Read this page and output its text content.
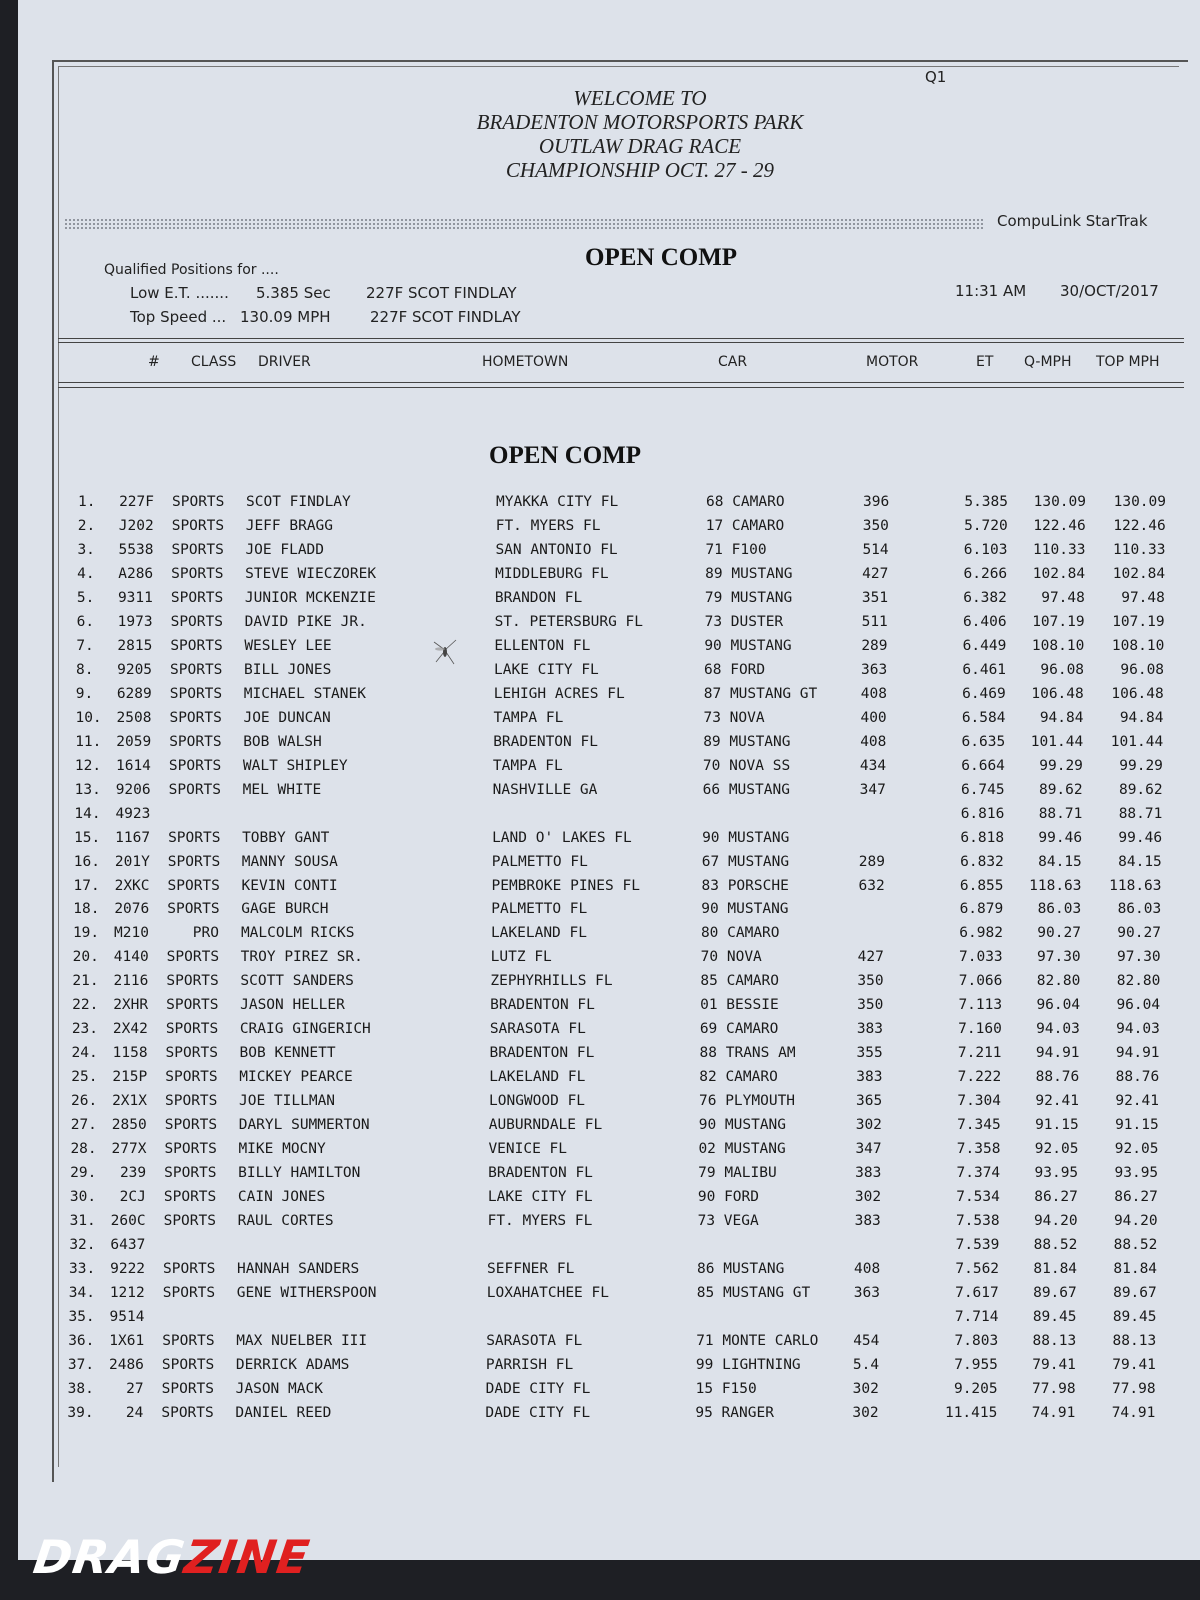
Q1
WELCOME TO
BRADENTON MOTORSPORTS PARK
OUTLAW DRAG RACE
CHAMPIONSHIP OCT. 27 - 29
CompuLink StarTrak
OPEN COMP
Qualified Positions for ....
Low E.T. ....... 5.385 Sec 227F SCOT FINDLAY
Top Speed ... 130.09 MPH	227F SCOT FINDLAY
11:31 AM 30/OCT/2017
# CLASS DRIVER	HOMETOWN	CAR	MOTOR	ET Q-MPH TOP MPH
OPEN COMP
1.	227F SPORTS SCOT FINDLAY	MYAKKA CITY FL	68 CAMARO	396	5.385	130.09 130.09
2.	J202 SPORTS JEFF BRAGG	FT. MYERS FL	17 CAMARO	350	5.720	122.46 122.46
3.	5538 SPORTS JOE FLADD	SAN ANTONIO FL	71 F100	514	6.103	110.33 110.33
4.	A286 SPORTS STEVE WIECZOREK	MIDDLEBURG FL	89 MUSTANG	427	6.266	102.84 102.84
5.	9311 SPORTS JUNIOR MCKENZIE	BRANDON FL	79 MUSTANG	351	6.382	97.48	97.48
6.	1973 SPORTS DAVID PIKE JR.	ST. PETERSBURG FL	73 DUSTER	511	6.406	107.19 107.19
7.	2815 SPORTS WESLEY LEE	ELLENTON FL	90 MUSTANG	289	6.449	108.10 108.10
8.	9205 SPORTS BILL JONES	LAKE CITY FL	68 FORD	363	6.461	96.08	96.08
9.	6289 SPORTS MICHAEL STANEK	LEHIGH ACRES FL	87 MUSTANG GT	408	6.469	106.48 106.48
10.	2508 SPORTS JOE DUNCAN	TAMPA FL	73 NOVA	400	6.584	94.84	94.84
11.	2059 SPORTS BOB WALSH	BRADENTON FL	89 MUSTANG	408	6.635	101.44 101.44
12.	1614 SPORTS WALT SHIPLEY	TAMPA FL	70 NOVA SS	434	6.664	99.29	99.29
13.	9206 SPORTS MEL WHITE	NASHVILLE GA	66 MUSTANG	347	6.745	89.62	89.62
14.	4923	6.816	88.71	88.71
15.	1167 SPORTS TOBBY GANT	LAND O' LAKES FL	90 MUSTANG	6.818	99.46	99.46
16.	201Y SPORTS MANNY SOUSA	PALMETTO FL	67 MUSTANG	289	6.832	84.15	84.15
17.	2XKC SPORTS KEVIN CONTI	PEMBROKE PINES FL	83 PORSCHE	632	6.855	118.63 118.63
18.	2076 SPORTS GAGE BURCH	PALMETTO FL	90 MUSTANG	6.879	86.03	86.03
19.	M210	PRO MALCOLM RICKS	LAKELAND FL	80 CAMARO	6.982	90.27	90.27
20.	4140 SPORTS TROY PIREZ SR.	LUTZ FL	70 NOVA	427	7.033	97.30	97.30
21.	2116 SPORTS SCOTT SANDERS	ZEPHYRHILLS FL	85 CAMARO	350	7.066	82.80	82.80
22.	2XHR SPORTS JASON HELLER	BRADENTON FL	01 BESSIE	350	7.113	96.04	96.04
23.	2X42 SPORTS CRAIG GINGERICH	SARASOTA FL	69 CAMARO	383	7.160	94.03	94.03
24.	1158 SPORTS BOB KENNETT	BRADENTON FL	88 TRANS AM	355	7.211	94.91	94.91
25.	215P SPORTS MICKEY PEARCE	LAKELAND FL	82 CAMARO	383	7.222	88.76	88.76
26.	2X1X SPORTS JOE TILLMAN	LONGWOOD FL	76 PLYMOUTH	365	7.304	92.41	92.41
27.	2850 SPORTS DARYL SUMMERTON	AUBURNDALE FL	90 MUSTANG	302	7.345	91.15	91.15
28.	277X SPORTS MIKE MOCNY	VENICE FL	02 MUSTANG	347	7.358	92.05	92.05
29.	239 SPORTS BILLY HAMILTON	BRADENTON FL	79 MALIBU	383	7.374	93.95	93.95
30.	2CJ SPORTS CAIN JONES	LAKE CITY FL	90 FORD	302	7.534	86.27	86.27
31.	260C SPORTS RAUL CORTES	FT. MYERS FL	73 VEGA	383	7.538	94.20	94.20
32.	6437	7.539	88.52	88.52
33.	9222 SPORTS HANNAH SANDERS	SEFFNER FL	86 MUSTANG	408	7.562	81.84	81.84
34.	1212 SPORTS GENE WITHERSPOON	LOXAHATCHEE FL	85 MUSTANG GT	363	7.617	89.67	89.67
35.	9514	7.714	89.45	89.45
36.	1X61 SPORTS MAX NUELBER III	SARASOTA FL	71 MONTE CARLO 454	7.803	88.13	88.13
37.	2486 SPORTS DERRICK ADAMS	PARRISH FL	99 LIGHTNING	5.4	7.955	79.41	79.41
38.	27 SPORTS JASON MACK	DADE CITY FL	15 F150	302	9.205	77.98	77.98
39.	24 SPORTS DANIEL REED	DADE CITY FL	95 RANGER	302	11.415	74.91	74.91
DRAGZINE
